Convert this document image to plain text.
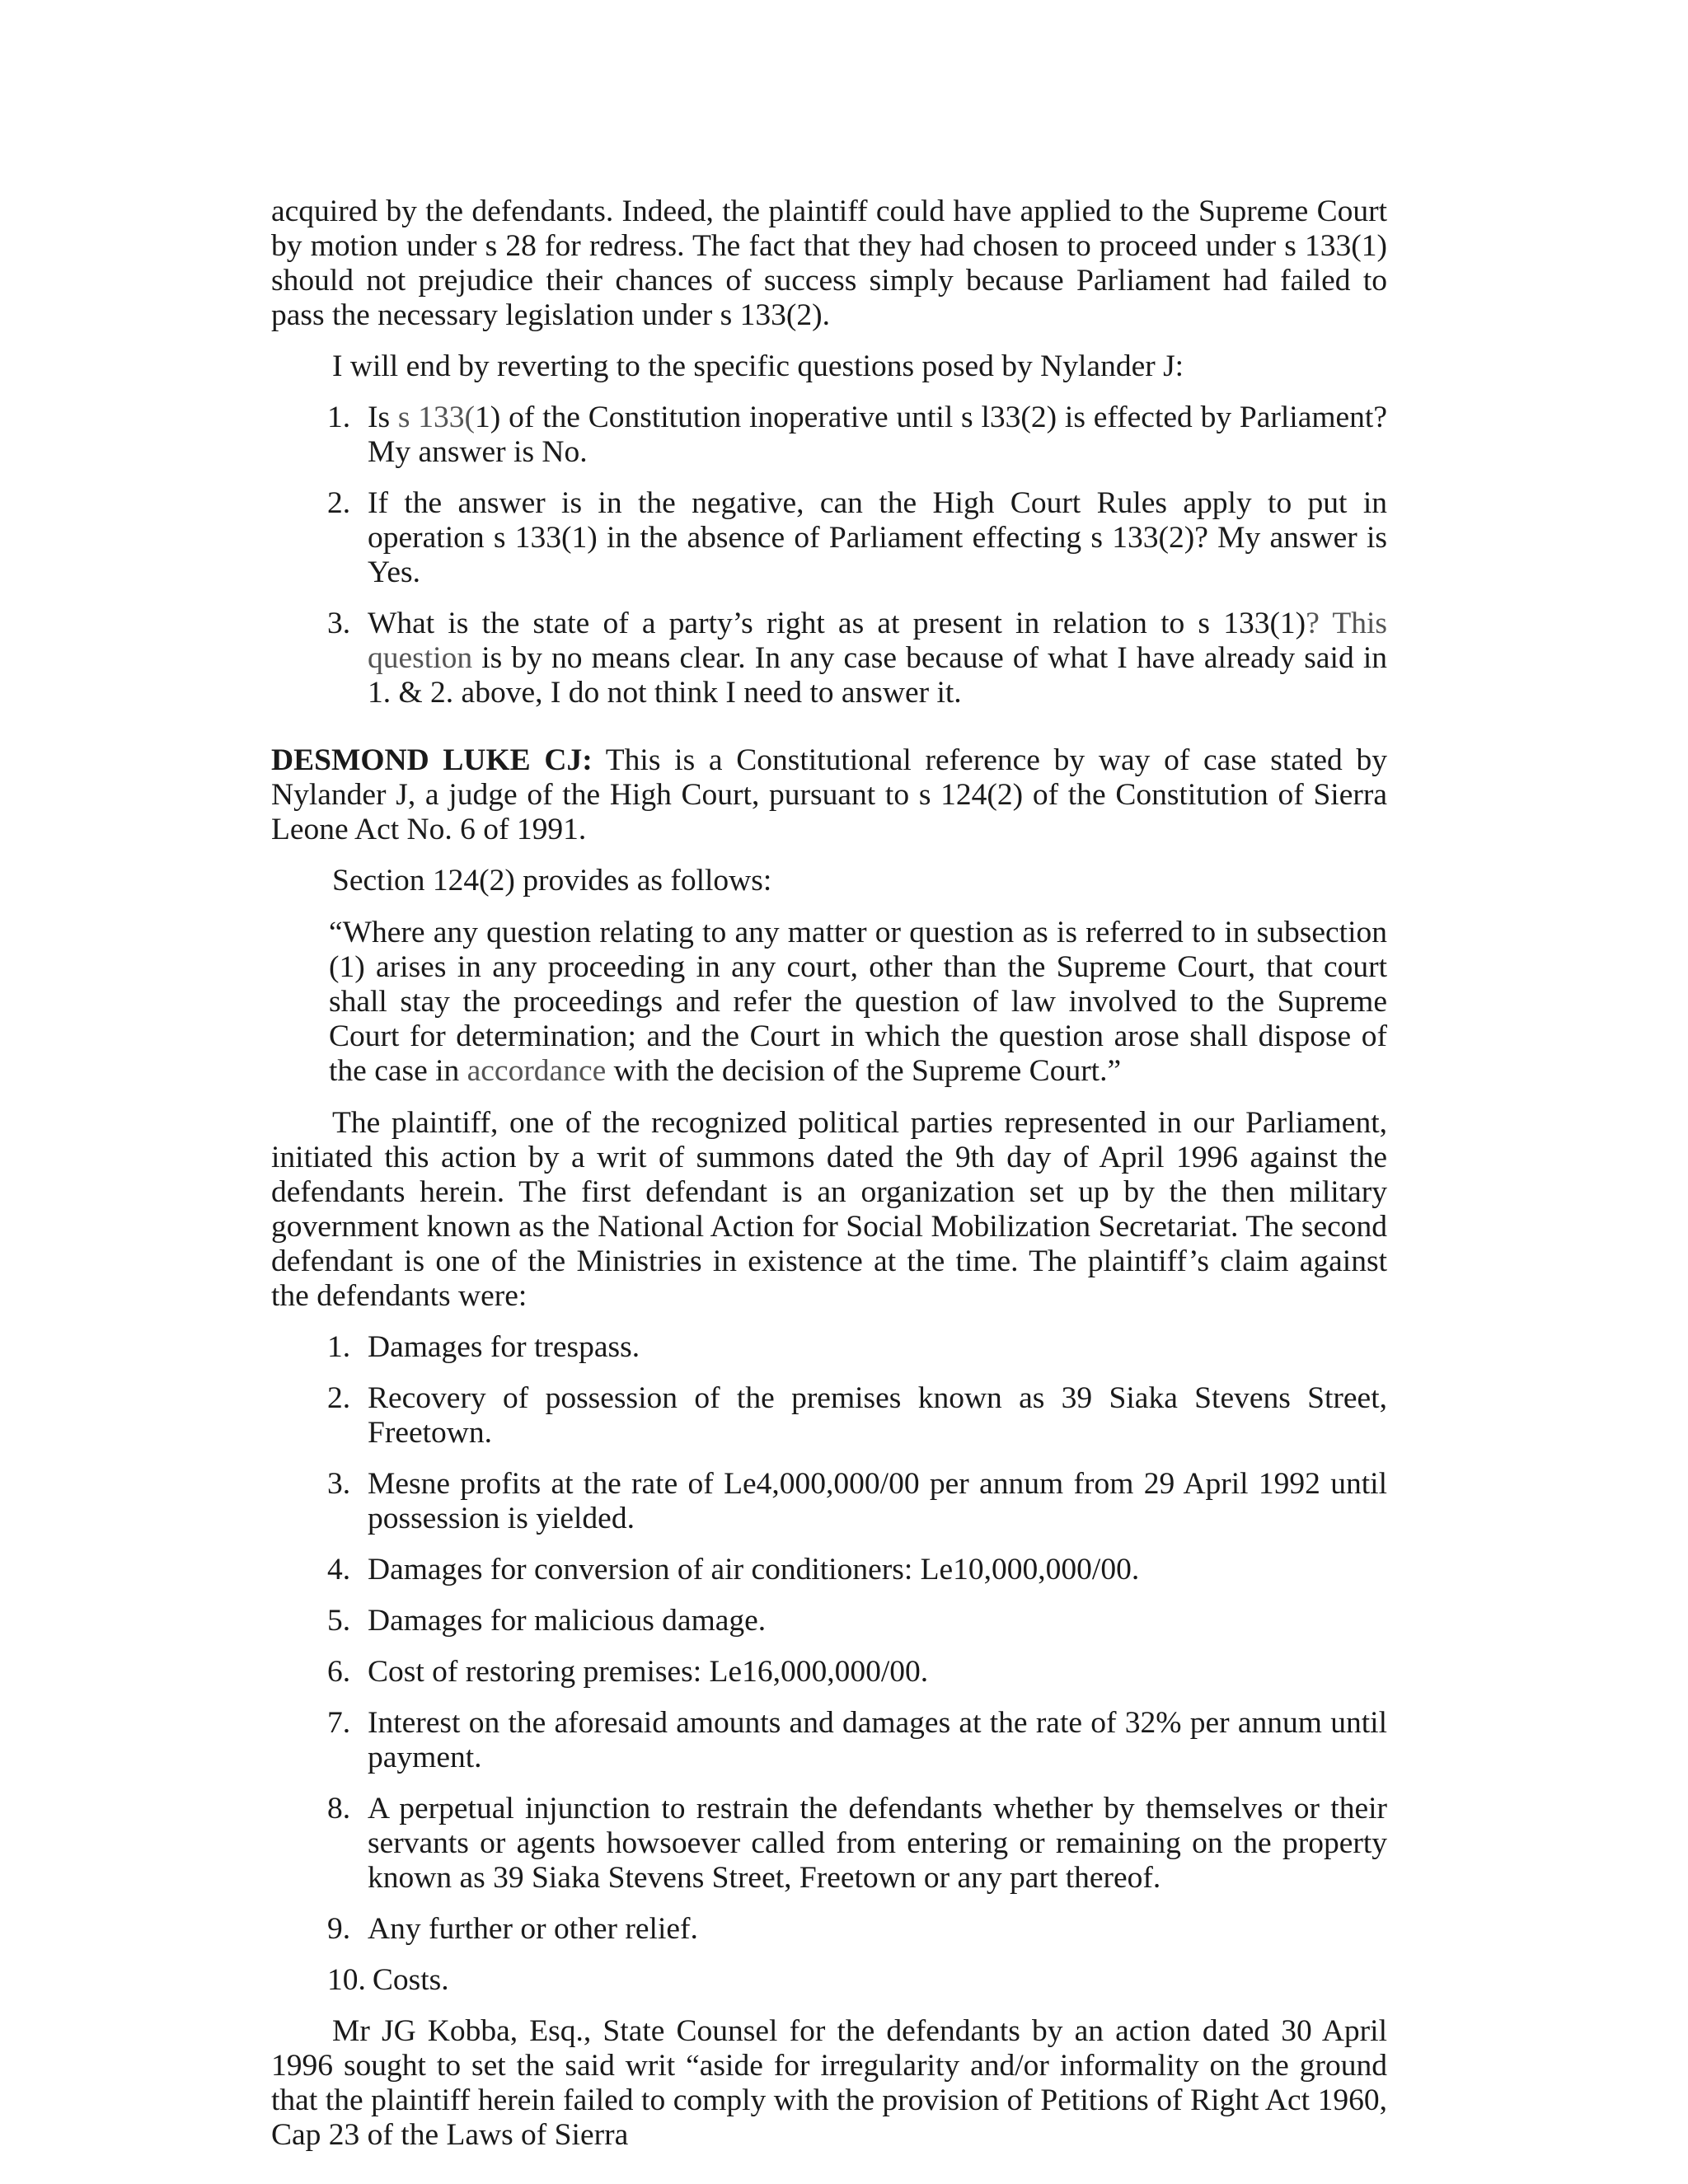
acquired by the defendants. Indeed, the plaintiff could have applied to the Supreme Court by motion under s 28 for redress. The fact that they had chosen to proceed under s 133(1) should not prejudice their chances of success simply because Parliament had failed to pass the necessary legislation under s 133(2).

I will end by reverting to the specific questions posed by Nylander J:

1. Is s 133(1) of the Constitution inoperative until s l33(2) is effected by Parliament? My answer is No.
2. If the answer is in the negative, can the High Court Rules apply to put in operation s 133(1) in the absence of Parliament effecting s 133(2)? My answer is Yes.
3. What is the state of a party’s right as at present in relation to s 133(1)? This question is by no means clear. In any case because of what I have already said in 1. & 2. above, I do not think I need to answer it.

DESMOND LUKE CJ: This is a Constitutional reference by way of case stated by Nylander J, a judge of the High Court, pursuant to s 124(2) of the Constitution of Sierra Leone Act No. 6 of 1991.

Section 124(2) provides as follows:

“Where any question relating to any matter or question as is referred to in subsection (1) arises in any proceeding in any court, other than the Supreme Court, that court shall stay the proceedings and refer the question of law involved to the Supreme Court for determination; and the Court in which the question arose shall dispose of the case in accordance with the decision of the Supreme Court.”

The plaintiff, one of the recognized political parties represented in our Parliament, initiated this action by a writ of summons dated the 9th day of April 1996 against the defendants herein. The first defendant is an organization set up by the then military government known as the National Action for Social Mobilization Secretariat. The second defendant is one of the Ministries in existence at the time. The plaintiff’s claim against the defendants were:

1. Damages for trespass.
2. Recovery of possession of the premises known as 39 Siaka Stevens Street, Freetown.
3. Mesne profits at the rate of Le4,000,000/00 per annum from 29 April 1992 until possession is yielded.
4. Damages for conversion of air conditioners: Le10,000,000/00.
5. Damages for malicious damage.
6. Cost of restoring premises: Le16,000,000/00.
7. Interest on the aforesaid amounts and damages at the rate of 32% per annum until payment.
8. A perpetual injunction to restrain the defendants whether by themselves or their servants or agents howsoever called from entering or remaining on the property known as 39 Siaka Stevens Street, Freetown or any part thereof.
9. Any further or other relief.
10. Costs.

Mr JG Kobba, Esq., State Counsel for the defendants by an action dated 30 April 1996 sought to set the said writ “aside for irregularity and/or informality on the ground that the plaintiff herein failed to comply with the provision of Petitions of Right Act 1960, Cap 23 of the Laws of Sierra
